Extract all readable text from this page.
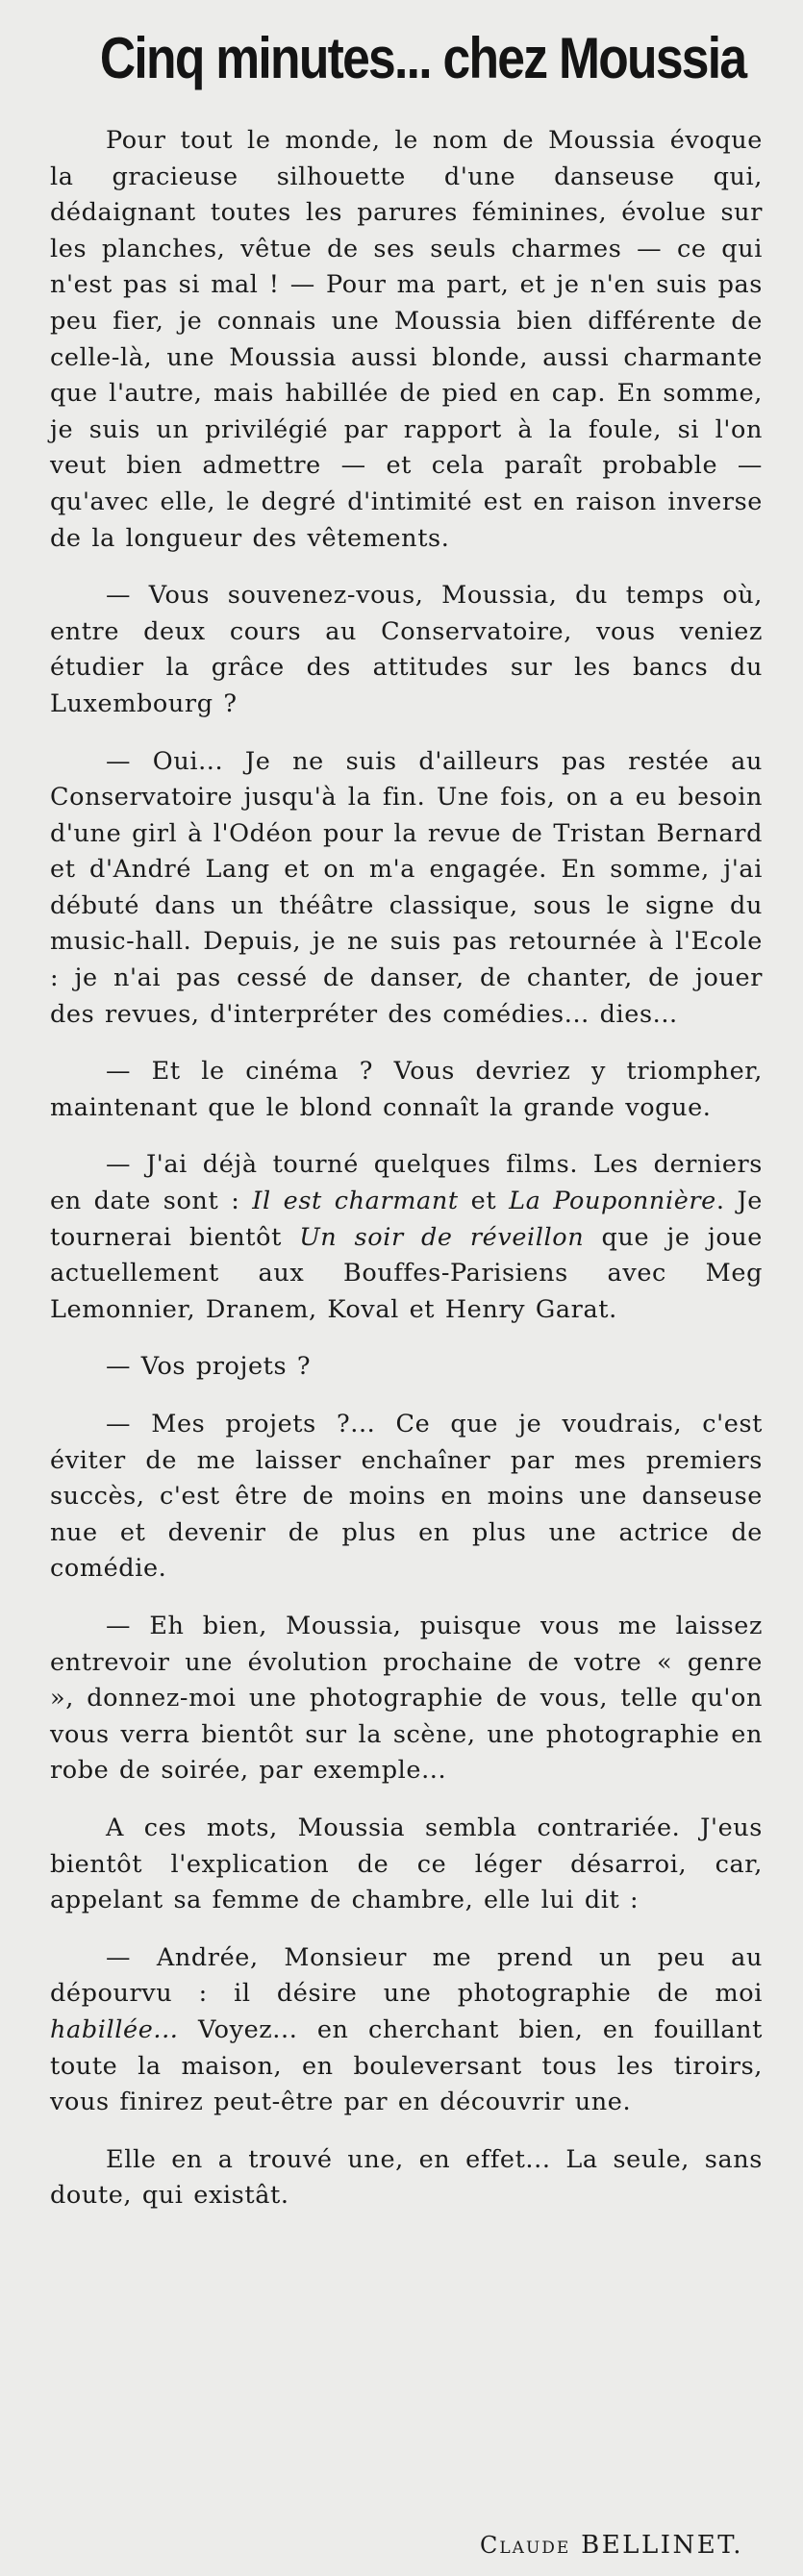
Cinq minutes... chez Moussia

Pour tout le monde, le nom de Moussia évoque la gracieuse silhouette d'une danseuse qui, dédaignant toutes les parures féminines, évolue sur les planches, vêtue de ses seuls charmes — ce qui n'est pas si mal ! — Pour ma part, et je n'en suis pas peu fier, je connais une Moussia bien différente de celle-là, une Moussia aussi blonde, aussi charmante que l'autre, mais habillée de pied en cap. En somme, je suis un privilégié par rapport à la foule, si l'on veut bien admettre — et cela paraît probable — qu'avec elle, le degré d'intimité est en raison inverse de la longueur des vêtements.

— Vous souvenez-vous, Moussia, du temps où, entre deux cours au Conservatoire, vous veniez étudier la grâce des attitudes sur les bancs du Luxembourg ?

— Oui... Je ne suis d'ailleurs pas restée au Conservatoire jusqu'à la fin. Une fois, on a eu besoin d'une girl à l'Odéon pour la revue de Tristan Bernard et d'André Lang et on m'a engagée. En somme, j'ai débuté dans un théâtre classique, sous le signe du music-hall. Depuis, je ne suis pas retournée à l'Ecole : je n'ai pas cessé de danser, de chanter, de jouer des revues, d'interpréter des comédies... dies...

— Et le cinéma ? Vous devriez y triompher, maintenant que le blond connaît la grande vogue.

— J'ai déjà tourné quelques films. Les derniers en date sont : Il est charmant et La Pouponnière. Je tournerai bientôt Un soir de réveillon que je joue actuellement aux Bouffes-Parisiens avec Meg Lemonnier, Dranem, Koval et Henry Garat.

— Vos projets ?

— Mes projets ?... Ce que je voudrais, c'est éviter de me laisser enchaîner par mes premiers succès, c'est être de moins en moins une danseuse nue et devenir de plus en plus une actrice de comédie.

— Eh bien, Moussia, puisque vous me laissez entrevoir une évolution prochaine de votre « genre », donnez-moi une photographie de vous, telle qu'on vous verra bientôt sur la scène, une photographie en robe de soirée, par exemple...

A ces mots, Moussia sembla contrariée. J'eus bientôt l'explication de ce léger désarroi, car, appelant sa femme de chambre, elle lui dit :

— Andrée, Monsieur me prend un peu au dépourvu : il désire une photographie de moi habillée... Voyez... en cherchant bien, en fouillant toute la maison, en bouleversant tous les tiroirs, vous finirez peut-être par en découvrir une.

Elle en a trouvé une, en effet... La seule, sans doute, qui existât.

Claude BELLINET.
